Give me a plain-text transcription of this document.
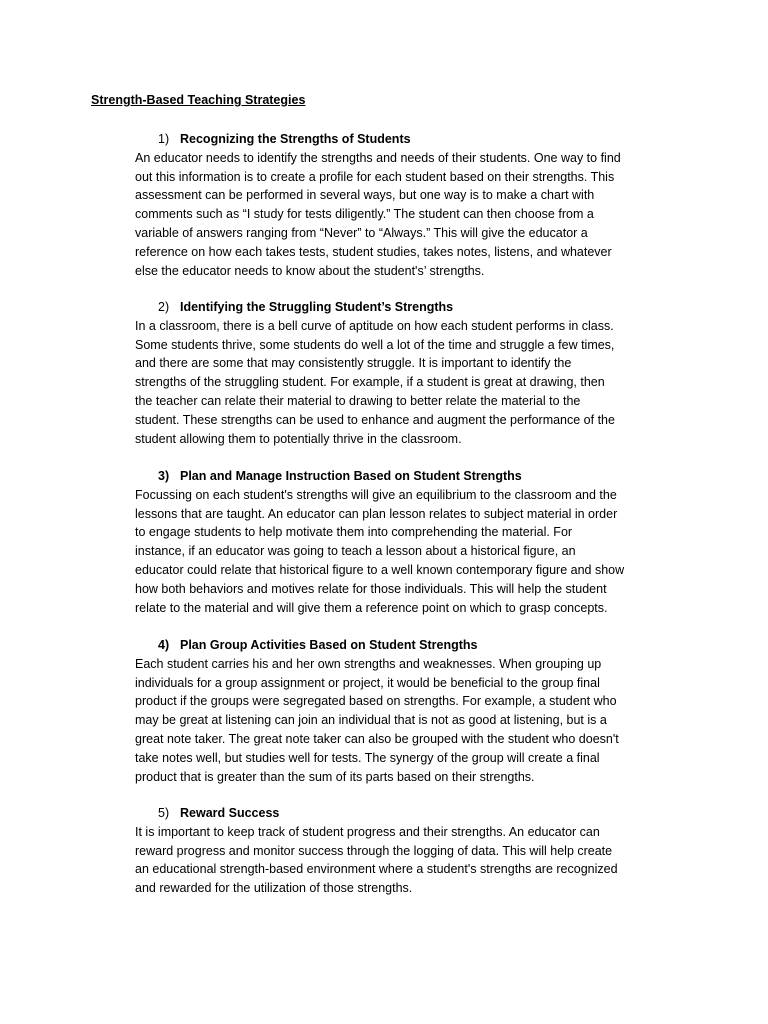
Strength-Based Teaching Strategies
1) Recognizing the Strengths of Students
An educator needs to identify the strengths and needs of their students. One way to find
out this information is to create a profile for each student based on their strengths. This
assessment can be performed in several ways, but one way is to make a chart with
comments such as “I study for tests diligently.” The student can then choose from a
variable of answers ranging from “Never” to “Always.” This will give the educator a
reference on how each takes tests, student studies, takes notes, listens, and whatever
else the educator needs to know about the student's’ strengths.
2) Identifying the Struggling Student’s Strengths
In a classroom, there is a bell curve of aptitude on how each student performs in class.
Some students thrive, some students do well a lot of the time and struggle a few times,
and there are some that may consistently struggle. It is important to identify the
strengths of the struggling student. For example, if a student is great at drawing, then
the teacher can relate their material to drawing to better relate the material to the
student. These strengths can be used to enhance and augment the performance of the
student allowing them to potentially thrive in the classroom.
3) Plan and Manage Instruction Based on Student Strengths
Focussing on each student's strengths will give an equilibrium to the classroom and the
lessons that are taught. An educator can plan lesson relates to subject material in order
to engage students to help motivate them into comprehending the material. For
instance, if an educator was going to teach a lesson about a historical figure, an
educator could relate that historical figure to a well known contemporary figure and show
how both behaviors and motives relate for those individuals. This will help the student
relate to the material and will give them a reference point on which to grasp concepts.
4) Plan Group Activities Based on Student Strengths
Each student carries his and her own strengths and weaknesses. When grouping up
individuals for a group assignment or project, it would be beneficial to the group final
product if the groups were segregated based on strengths. For example, a student who
may be great at listening can join an individual that is not as good at listening, but is a
great note taker. The great note taker can also be grouped with the student who doesn't
take notes well, but studies well for tests. The synergy of the group will create a final
product that is greater than the sum of its parts based on their strengths.
5) Reward Success
It is important to keep track of student progress and their strengths. An educator can
reward progress and monitor success through the logging of data. This will help create
an educational strength-based environment where a student's strengths are recognized
and rewarded for the utilization of those strengths.
